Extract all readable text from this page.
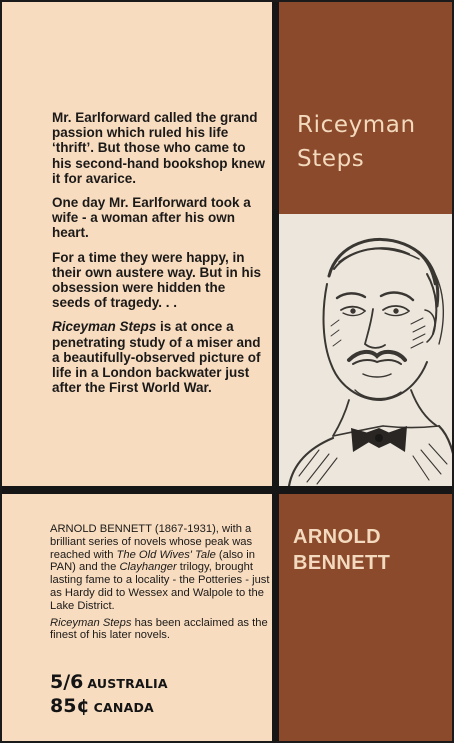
Riceyman
Steps
ARNOLD
BENNETT

Mr. Earlforward called the grand passion which ruled his life ‘thrift’. But those who came to his second-hand bookshop knew it for avarice.

One day Mr. Earlforward took a wife - a woman after his own heart.

For a time they were happy, in their own austere way. But in his obsession were hidden the seeds of tragedy. . .

Riceyman Steps is at once a penetrating study of a miser and a beautifully-observed picture of life in a London backwater just after the First World War.

ARNOLD BENNETT (1867-1931), with a brilliant series of novels whose peak was reached with The Old Wives' Tale (also in PAN) and the Clayhanger trilogy, brought lasting fame to a locality - the Potteries - just as Hardy did to Wessex and Walpole to the Lake District.

Riceyman Steps has been acclaimed as the finest of his later novels.

5/6 AUSTRALIA
85¢ CANADA
